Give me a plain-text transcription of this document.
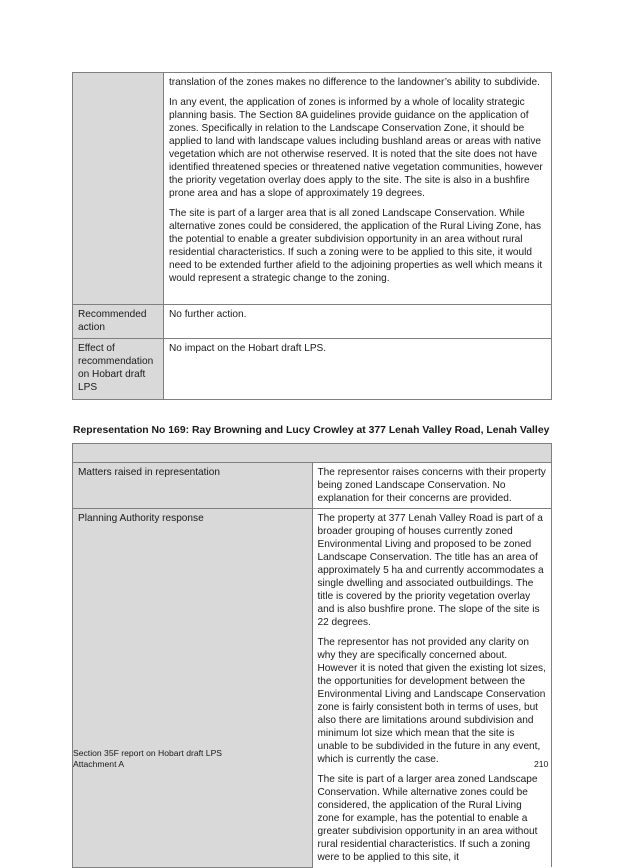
	translation of the zones makes no difference to the landowner’s ability to subdivide.

In any event, the application of zones is informed by a whole of locality strategic planning basis. The Section 8A guidelines provide guidance on the application of zones. Specifically in relation to the Landscape Conservation Zone, it should be applied to land with landscape values including bushland areas or areas with native vegetation which are not otherwise reserved. It is noted that the site does not have identified threatened species or threatened native vegetation communities, however the priority vegetation overlay does apply to the site. The site is also in a bushfire prone area and has a slope of approximately 19 degrees.

The site is part of a larger area that is all zoned Landscape Conservation. While alternative zones could be considered, the application of the Rural Living Zone, has the potential to enable a greater subdivision opportunity in an area without rural residential characteristics. If such a zoning were to be applied to this site, it would need to be extended further afield to the adjoining properties as well which means it would represent a strategic change to the zoning.

Recommended action	No further action.

Effect of recommendation on Hobart draft LPS	No impact on the Hobart draft LPS.

Representation No 169: Ray Browning and Lucy Crowley at 377 Lenah Valley Road, Lenah Valley

Matters raised in representation	The representor raises concerns with their property being zoned Landscape Conservation. No explanation for their concerns are provided.

Planning Authority response	The property at 377 Lenah Valley Road is part of a broader grouping of houses currently zoned Environmental Living and proposed to be zoned Landscape Conservation. The title has an area of approximately 5 ha and currently accommodates a single dwelling and associated outbuildings. The title is covered by the priority vegetation overlay and is also bushfire prone. The slope of the site is 22 degrees.

The representor has not provided any clarity on why they are specifically concerned about. However it is noted that given the existing lot sizes, the opportunities for development between the Environmental Living and Landscape Conservation zone is fairly consistent both in terms of uses, but also there are limitations around subdivision and minimum lot size which mean that the site is unable to be subdivided in the future in any event, which is currently the case.

The site is part of a larger area zoned Landscape Conservation. While alternative zones could be considered, the application of the Rural Living zone for example, has the potential to enable a greater subdivision opportunity in an area without rural residential characteristics. If such a zoning were to be applied to this site, it

Section 35F report on Hobart draft LPS
Attachment A	210
